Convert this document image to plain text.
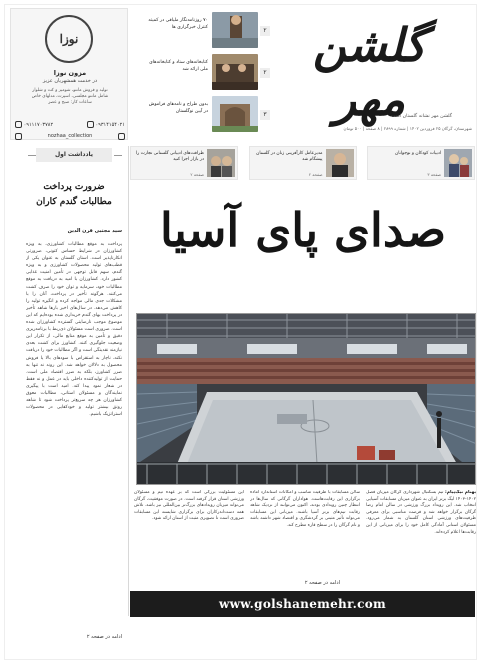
نوزا
مزون نوزا
در خدمت همشهریان عزیز
تولید و فروش مانتو، شومیز و کت و شلوار
شامل مانتو مجلسی، اسپرت، مدلهای خاص
ساعات کار: صبح و عصر
۰۹۱۱۱۷۰۳۷۸۲	۰۹۳۱۴۱۵۴۰۲۱
nozhaa_collection
۷۰ روزنامه‌نگار ملیاقی در کمیته کنترل خبرگزاری ها	۲
کتابخانه‌های ستاد و کتابخانه‌های ملی ارائه شد	۲
بدون طراح و نامه‌های فراموش در آیین نوگلستان	۳
گلشن مهر
گلشن مهر نشانه گلستان است
شهرستان، گرگان ۲۵ فروردین ۱۴۰۲ | شماره ۲۸۹۹ | ۸ صفحه | ۵۰۰ تومان
یادداشت اول
ضرورت پرداخت مطالبات گندم کاران
سید مجتبی قرن الدین
پرداخت به موقع مطالبات کشاورزی، به ویژه کشاورزان در شرایط حساس کنونی، ضرورتی انکارناپذیر است. استان گلستان به عنوان یکی از قطب‌های تولید محصولات کشاورزی و به ویژه گندم، سهم قابل توجهی در تأمین امنیت غذایی کشور دارد. کشاورزان با امید به دریافت به موقع مطالبات خود، سرمایه و توان خود را صرف کشت می‌کنند. هرگونه تأخیر در پرداخت، آنان را با مشکلات جدی مالی مواجه کرده و انگیزه تولید را کاهش می‌دهد. در سال‌های اخیر بارها شاهد تأخیر در پرداخت بهای گندم خریداری شده بوده‌ایم که این موضوع موجب نارضایتی گسترده کشاورزان شده است. ضروری است مسئولان ذی‌ربط با برنامه‌ریزی دقیق و تأمین به موقع منابع مالی، از تکرار این وضعیت جلوگیری کنند. کشاورز برای کشت بعدی نیازمند نقدینگی است و اگر مطالبات خود را دریافت نکند، ناچار به استقراض با سودهای بالا یا فروش محصول به دلالان خواهد شد. این روند نه تنها به ضرر کشاورز، بلکه به ضرر اقتصاد ملی است. حمایت از تولیدکننده داخلی باید در عمل و نه فقط در شعار نمود پیدا کند. امید است با پیگیری نمایندگان و مسئولان استانی، مطالبات معوق کشاورزان هر چه سریع‌تر پرداخت شود تا شاهد رونق بیشتر تولید و خودکفایی در محصولات استراتژیک باشیم.
ادامه در صفحه ۲
ادبیات کودکان و نوجوانان
صفحه ۳
مدیرعامل کارآفرینی زنان در گلستان پیشگام شد
صفحه ۲
ظرافت‌های ادبیاتی گلستانی تجارت را در بازار اجرا کنید
صفحه ۲
صدای پای آسیا
بهنام نیک‌پیام: تیم بسکتبال شهرداری گرگان میزبان فصل ۱۴۰۲-۱۴۰۳ لیگ برتر ایران به عنوان میزبان مسابقات آسیایی انتخاب شد. این رویداد بزرگ ورزشی در سالن امام رضا گرگان برگزار خواهد شد و فرصت مناسبی برای معرفی ظرفیت‌های ورزشی استان گلستان به شمار می‌رود. مسئولان استانی آمادگی کامل خود را برای میزبانی از این رقابت‌ها اعلام کرده‌اند.
سالن مسابقات با ظرفیت مناسب و امکانات استاندارد آماده برگزاری این رقابت‌هاست. هواداران گرگانی که سال‌ها در انتظار چنین رویدادی بودند، اکنون می‌توانند از نزدیک شاهد رقابت تیم‌های برتر آسیا باشند. میزبانی این مسابقات می‌تواند تأثیر مثبتی بر گردشگری و اقتصاد شهر داشته باشد و نام گرگان را در سطح قاره مطرح کند.
این مسئولیت بزرگی است که بر عهده تیم و مسئولان ورزشی استان قرار گرفته است. در صورت موفقیت، گرگان می‌تواند میزبان رویدادهای بزرگ‌تر بین‌المللی نیز باشد. تلاش همه دست‌اندرکاران برای برگزاری شایسته این مسابقات ضروری است تا تصویری مثبت از استان ارائه شود.
ادامه در صفحه ۲
www.golshanemehr.com
